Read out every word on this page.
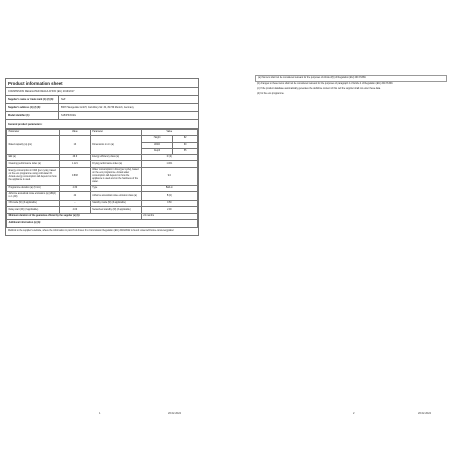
Product information sheet
COMMISSION DELEGATED REGULATION (EU) 2019/2017
Supplier's name or trade mark (1) (2) (3):	Neff
Supplier's address (1) (2) (3):	BSH Hausgeräte GmbH, Carl-Wery-Str. 34, 81739 Munich, Germany
Model identifier (1):	S153HKX02G
General product parameters:
Parameter	Value	Parameter	Value	
Rated capacity (a) (ps)	13	Dimensions in cm (a)	Height	82
			Width	60
			Depth	55
EEI (a)	49.9	Energy efficiency class (a)	D (b)	
Cleaning performance index (a)	1.121	Drying performance index (a)	1.061	
Energy consumption in kWh [per cycle], based on the eco programme using cold water fill. Actual energy consumption will depend on how the appliance is used.	0.838	Water consumption in litres [per cycle], based on the eco programme. Actual water consumption will depend on how the appliance is used and on the hardness of the water.	9.0	
Programme duration (a) (h:min)	4:30	Type	Built-in	
Airborne acoustical noise emissions (a) (dB(A) re 1 pW)	42	Airborne acoustical noise emission class (a)	B (b)	
Off-mode (W) (if applicable)	–	Standby mode (W) (if applicable)	0.50	
Delay start (W) (if applicable)	4.00	Networked standby (W) (if applicable)	2.00	
Minimum duration of the guarantee offered by the supplier (a) (b):			24 months	
Additional information (a) (b):				
Weblink to the supplier's website, where the information in point 6 of Annex II to Commission Regulation (EU) 2019/2022 is found: www.neff-home.com/energylabel
1	26.02.2024
(a) this item shall not be considered relevant for the purposes of Article 2(6) of Regulation (EU) 2017/1369.
(b) changes to these items shall not be considered relevant for the purposes of paragraph 4 of Article 4 of Regulation (EU) 2017/1369.
(c) If the product database automatically generates the definitive content of this cell the supplier shall not enter these data.
(d) for the eco programme.
2	26.02.2024
